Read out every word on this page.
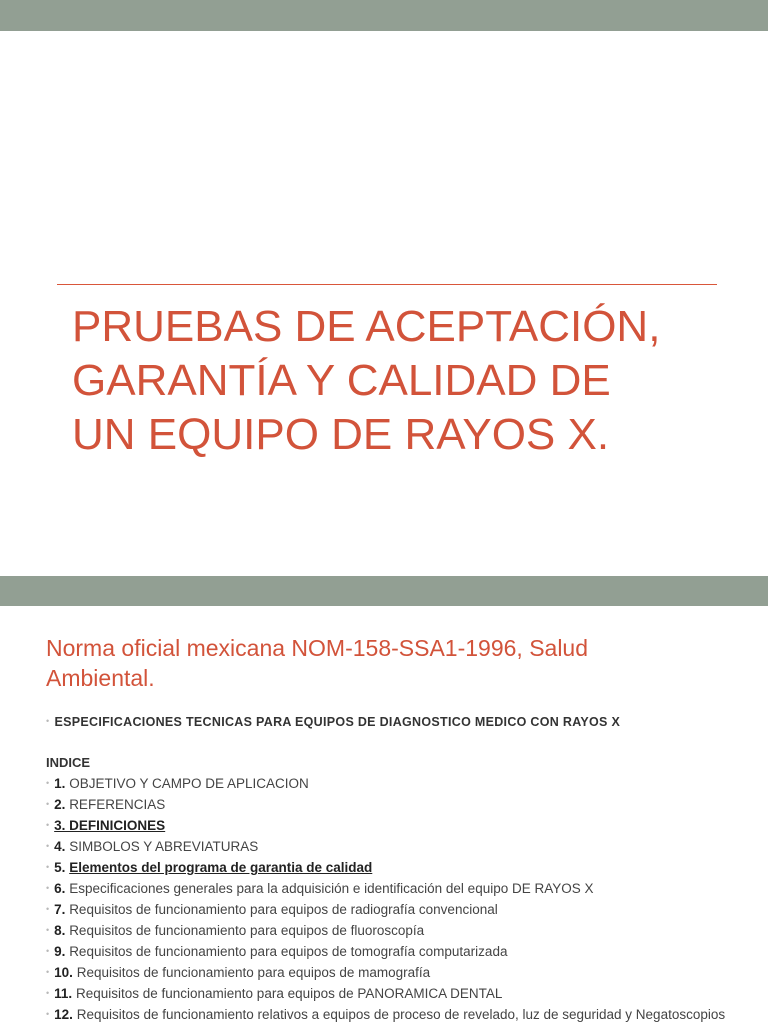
PRUEBAS DE ACEPTACIÓN,
GARANTÍA Y CALIDAD DE
UN EQUIPO DE RAYOS X.
Norma oficial mexicana NOM-158-SSA1-1996, Salud
Ambiental.
• ESPECIFICACIONES TECNICAS PARA EQUIPOS DE DIAGNOSTICO MEDICO CON RAYOS X
INDICE
• 1. OBJETIVO Y CAMPO DE APLICACION
• 2. REFERENCIAS
• 3. DEFINICIONES
• 4. SIMBOLOS Y ABREVIATURAS
• 5. Elementos del programa de garantia de calidad
• 6. Especificaciones generales para la adquisición e identificación del equipo DE RAYOS X
• 7. Requisitos de funcionamiento para equipos de radiografía convencional
• 8. Requisitos de funcionamiento para equipos de fluoroscopía
• 9. Requisitos de funcionamiento para equipos de tomografía computarizada
• 10. Requisitos de funcionamiento para equipos de mamografía
• 11. Requisitos de funcionamiento para equipos de PANORAMICA DENTAL
• 12. Requisitos de funcionamiento relativos a equipos de proceso de revelado, luz de seguridad y Negatoscopios
